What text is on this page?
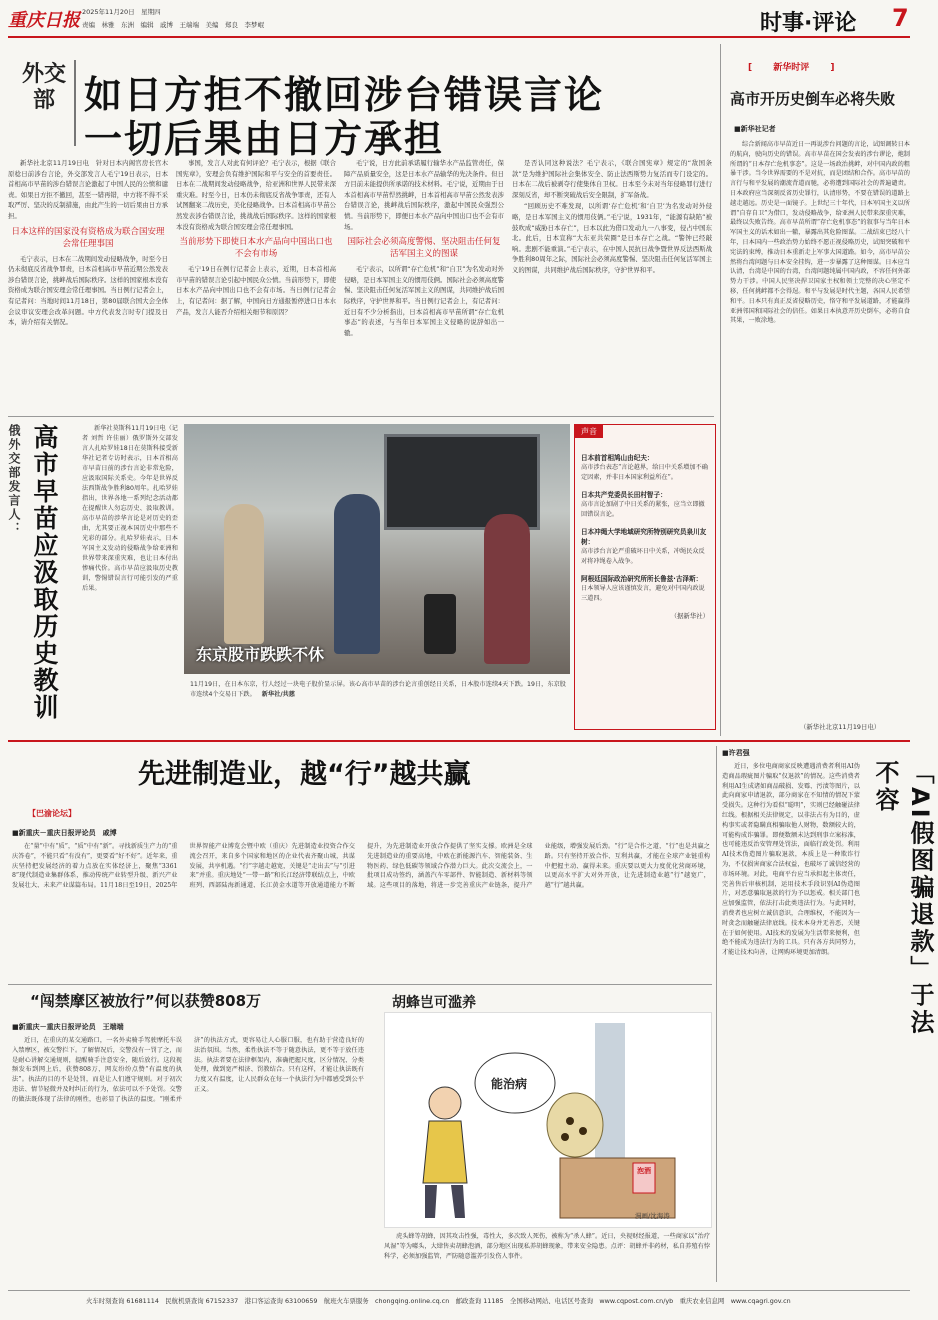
重庆日报 2025年11月20日　星期四
责编　林雅　东洲　编辑　戚博　王端端　美编　郑良　李梦岷	时事·评论 7
外交部 如日方拒不撤回涉台错误言论
一切后果由日方承担

新华社北京11月19日电　针对日本内阁官房长官木原稔日前涉台言论，外交部发言人毛宁19日表示，日本首相高市早苗的涉台错误言论激起了中国人民的公愤和谴责。如果日方拒不撤回，甚至一错再错，中方将不得不采取严厉、坚决的反制措施，由此产生的一切后果由日方承担。

日本这样的国家没有资格成为联合国安理会常任理事国

毛宁表示，日本在二战期间发动侵略战争，时至今日仍未彻底反省战争罪责，日本首相高市早苗近期公然发表涉台错误言论，挑衅战后国际秩序。这样的国家根本没有资格成为联合国安理会常任理事国。当日例行记者会上，有记者问：当地时间11月18日，第80届联合国大会全体会议审议安理会改革问题。中方代表发言时专门提及日本，请介绍有关情况。

事国，发言人对此有何评论？毛宁表示，根据《联合国宪章》，安理会负有维护国际和平与安全的首要责任。日本在二战期间发动侵略战争，给亚洲和世界人民带来深重灾难。时至今日，日本仍未彻底反省战争罪责，还有人试图翻案二战历史，美化侵略战争。日本首相高市早苗公然发表涉台错误言论，挑战战后国际秩序。这样的国家根本没有资格成为联合国安理会常任理事国。

当前形势下即使日本水产品向中国出口也不会有市场

毛宁19日在例行记者会上表示，近期，日本首相高市早苗的错误言论引起中国民众公愤。当前形势下，即使日本水产品向中国出口也不会有市场。当日例行记者会上，有记者问：据了解，中国向日方通报暂停进口日本水产品，发言人能否介绍相关细节和原因？

毛宁说，日方此前承诺履行输华水产品监管责任，保障产品质量安全，这是日本水产品输华的先决条件。但日方目前未能提供所承诺的技术材料。毛宁说，近期由于日本首相高市早苗悍然挑衅，日本首相高市早苗公然发表涉台错误言论，挑衅战后国际秩序，激起中国民众强烈公愤。当前形势下，即便日本水产品向中国出口也不会有市场。

国际社会必须高度警惕、坚决阻击任何复活军国主义的图谋

毛宁表示，以所谓“存亡危机”和“自卫”为名发动对外侵略，是日本军国主义的惯用伎俩。国际社会必须高度警惕、坚决阻击任何复活军国主义的图谋，共同维护战后国际秩序，守护世界和平。当日例行记者会上，有记者问：近日有不少分析指出，日本首相高市早苗所谓“存亡危机事态”的表述，与当年日本军国主义侵略的说辞如出一辙。

是否认同这种说法？毛宁表示，《联合国宪章》规定的“敌国条款”是为维护国际社会集体安全、防止法西斯势力复活而专门设定的。日本在二战后被剥夺行使集体自卫权。日本至今未对当年侵略罪行进行深刻反省，却不断突破战后安全限制，扩军备战。

“回顾历史不难发现，以所谓‘存亡危机’和‘自卫’为名发动对外侵略，是日本军国主义的惯用伎俩。”毛宁说，1931年，“能源有缺陷”被鼓吹成“威胁日本存亡”，日本以此为借口发动九一八事变，侵占中国东北。此后，日本宣称“大东亚共荣圈”是日本存亡之战。“警钟已经敲响。悲剧不能重演。”毛宁表示，在中国人民抗日战争暨世界反法西斯战争胜利80周年之际，国际社会必须高度警惕、坚决阻击任何复活军国主义的图谋，共同维护战后国际秩序，守护世界和平。

[ 新华时评 ]
高市开历史倒车必将失败
■新华社记者

综合新闻高市早苗近日一再说涉台问题的言论，试图调转日本的航向，驶向历史的错误。高市早苗在国会发表的涉台谬论，炮制所谓的“日本存亡危机事态”。这是一场政治挑衅，对中国内政的粗暴干涉。当今世界需要的不是对抗，而是团结和合作。高市早苗的言行与和平发展的潮流背道而驰，必将遭到国际社会的普遍谴责。日本政府应当深刻反省历史罪行，认清形势，不要在错误的道路上越走越远。历史是一面镜子。上世纪三十年代，日本军国主义以所谓“自存自卫”为借口，发动侵略战争，给亚洲人民带来深重灾难，最终以失败告终。高市早苗所谓“存亡危机事态”的叙事与当年日本军国主义的话术如出一辙，暴露出其危险图谋。二战结束已经八十年，日本国内一些政治势力始终不愿正视侵略历史，试图突破和平宪法的束缚，推动日本重新走上军事大国道路。如今，高市早苗公然将台湾问题与日本安全挂钩，进一步暴露了这种图谋。日本应当认清，台湾是中国的台湾，台湾问题纯属中国内政，不容任何外部势力干涉。中国人民坚决捍卫国家主权和领土完整的决心坚定不移，任何挑衅都不会得逞。和平与发展是时代主题，各国人民希望和平。日本只有真正反省侵略历史，恪守和平发展道路，才能赢得亚洲邻国和国际社会的信任。如果日本执意开历史倒车，必将自食其果，一败涂地。

（新华社北京11月19日电）
俄外交部发言人： 高市早苗应汲取历史教训	新华社莫斯科11月19日电（记者 刘哲 许佳丽）俄罗斯外交部发言人扎哈罗娃18日在莫斯科接受新华社记者专访时表示，日本首相高市早苗日前的涉台言论非常危险，应汲取国际关系史。今年是世界反法西斯战争胜利80周年。扎哈罗娃指出，世界各地一系列纪念活动都在提醒世人勿忘历史、汲取教训。高市早苗的涉华言论是对历史的歪曲，尤其要正视本国历史中那些不光彩的部分。扎哈罗娃表示，日本军国主义发动的侵略战争给亚洲和世界带来深重灾难，也让日本付出惨痛代价。高市早苗应汲取历史教训，警惕错误言行可能引发的严重后果。

东京股市跌跌不休
11月19日，在日本东京，行人经过一块电子股价显示屏。该心高市早苗的涉台论言重创经日关系，日本股市连续4天下跌。19日，东京股市连续4个交易日下跌。 新华社/共慈
声音
日本前首相鸠山由纪夫：
高市涉台表态“言论越界，给日中关系增加不确定因素，并非日本国家利益所在”。
日本共产党委员长田村智子：
高市言论加剧了中日关系的紧张，应当立即撤回错误言论。
日本冲绳大学地域研究所特别研究员泉川友树：
高市涉台言论严重破坏日中关系，冲绳民众反对将冲绳卷入战争。
阿根廷国际政治研究所所长鲁兹·古泽斯：
日本领导人应该谨慎发言，避免对中国内政说三道四。
（据新华社）
先进制造业，越“行”越共赢
【巴渝论坛】
■新重庆－重庆日报评论员　戚博

在“量”中有“质”，“质”中有“新”。寻找新质生产力的“重庆答卷”，不能只看“有没有”，更要看“好不好”。近年来，重庆坚持把发展经济的着力点放在实体经济上，聚焦“33618”现代制造业集群体系，推动传统产业转型升级、新兴产业发展壮大、未来产业谋篇布局。11月18日至19日，2025年世界智能产业博览会暨中欧（重庆）先进制造业投资合作交流会召开，来自多个国家和地区的企业代表齐聚山城，共谋发展，共享机遇。“行”字越走越宽，关键是“走出去”与“引进来”并重。重庆地处“一带一路”和长江经济带联结点上，中欧班列、西部陆海新通道、长江黄金水道等开放通道能力不断提升，为先进制造业开放合作提供了坚实支撑。欧洲是全球先进制造业的重要高地，中欧在新能源汽车、智能装备、生物医药、绿色低碳等领域合作潜力巨大。此次交流会上，一批项目成功签约，涵盖汽车零部件、智能制造、新材料等领域。这些项目的落地，将进一步完善重庆产业链条，提升产业能级，增强发展后劲。“行”是合作之道，“行”也是共赢之路。只有坚持开放合作、互利共赢，才能在全球产业链重构中把握主动、赢得未来。重庆要以更大力度优化营商环境，以更高水平扩大对外开放，让先进制造业越“行”越宽广，越“行”越共赢。

■许君强

近日，多位电商商家反映遭遇消费者利用AI伪造商品瑕疵图片骗取“仅退款”的情况。这些消费者利用AI生成诸如商品破损、发霉、污渍等图片，以此向商家申请退款，部分商家在不知情的情况下蒙受损失。这种行为看似“聪明”，实则已经触碰法律红线。根据相关法律规定，以非法占有为目的，虚构事实或者隐瞒真相骗取他人财物，数额较大的，可能构成诈骗罪。即便数额未达到刑事立案标准，也可能违反治安管理处罚法，面临行政处罚。利用AI技术伪造图片骗取退款，本质上是一种欺诈行为，不仅损害商家合法权益，也破坏了诚信经营的市场环境。对此，电商平台应当承担起主体责任，完善售后审核机制，运用技术手段识别AI伪造图片，对恶意骗取退款的行为予以惩戒。相关部门也应加强监管，依法打击此类违法行为。与此同时，消费者也应树立诚信意识，合理维权，不能因为一时贪念而触碰法律底线。技术本身并无善恶，关键在于如何使用。AI技术的发展为生活带来便利，但绝不能成为违法行为的工具。只有各方共同努力，才能让技术向善，让网购环境更加清朗。	「AI假图骗退款」于法不容
“闯禁摩区被放行”何以获赞808万
■新重庆－重庆日报评论员　王端端

近日，在重庆的某交通路口，一名外卖骑手驾驶摩托车误入禁摩区，被交警拦下。了解情况后，交警没有一罚了之，而是耐心讲解交通规则，提醒骑手注意安全，随后放行。这段视频发布到网上后，获赞808万，网友纷纷点赞“有温度的执法”。执法的目的不是处罚，而是让人们遵守规则。对于初次违法、情节轻微并及时纠正的行为，依法可以不予处罚。交警的做法既体现了法律的刚性，也彰显了执法的温度。“刚柔并济”的执法方式，更容易让人心服口服，也有助于营造良好的法治氛围。当然，柔性执法不等于随意执法，更不等于放任违法。执法者要在法律框架内，准确把握尺度，区分情况、分类处理，做到宽严相济、罚教结合。只有这样，才能让执法既有力度又有温度，让人民群众在每一个执法行为中都感受到公平正义。

胡蜂岂可滥养
能治病
泡酒
漫画/沈海涛

虎头蜂等胡蜂，因其攻击性强，毒性大，多次致人死伤，被称为“杀人蜂”。近日，央视财经报道，一些商家以“治疗风湿”等为噱头，大肆售卖胡蜂泡酒，部分地区出现私养胡蜂现象，带来安全隐患。点评：胡蜂并非药材，私自养殖有悖科学，必须加强监管，严防随意滥养引发伤人事件。

火车时刻查询 61681114　民航机票查询 67152337　港口客运查询 63100659　航班火车票服务　chongqing.online.cq.cn　邮政查询 11185　全国移动网站、电话区号查询　www.cqpost.com.cn/yb　重庆农业信息网　www.cqagri.gov.cn
